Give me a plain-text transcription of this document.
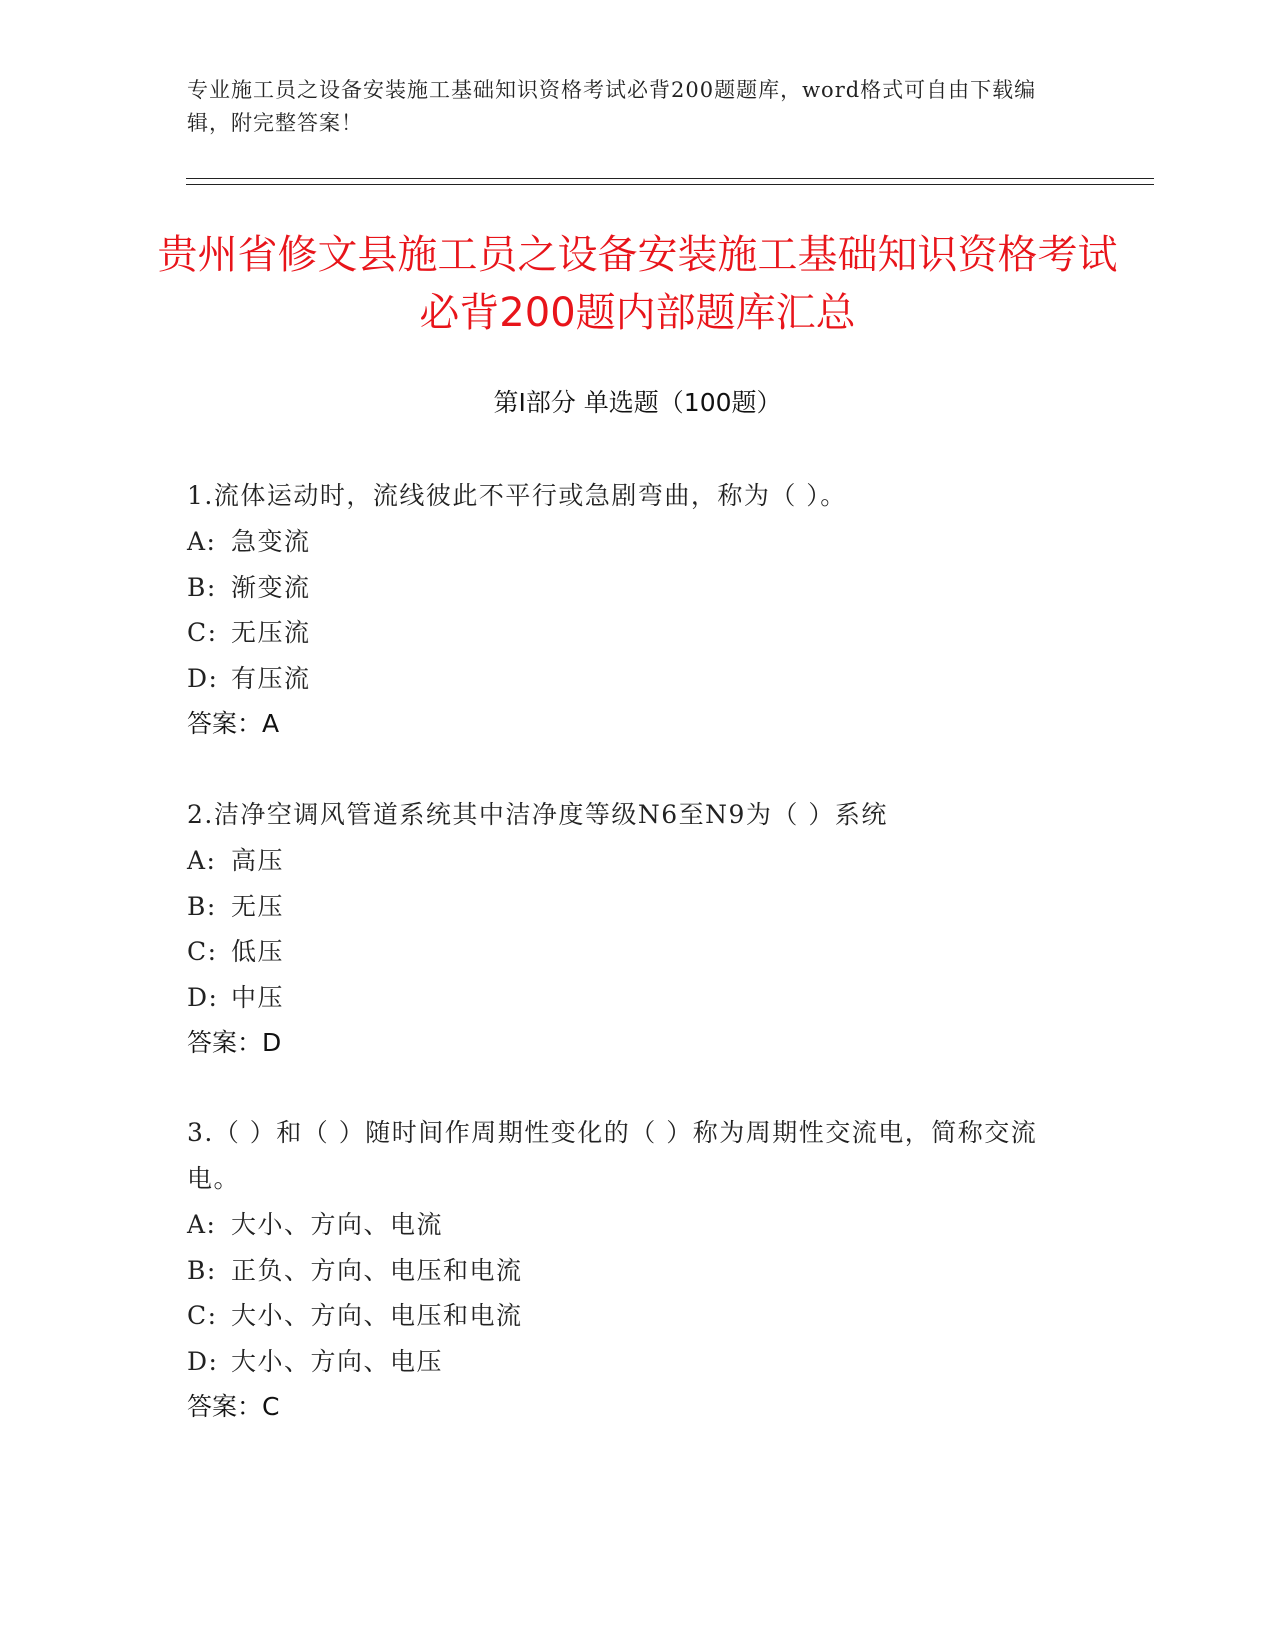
专业施工员之设备安装施工基础知识资格考试必背200题题库，word格式可自由下载编辑，附完整答案！
贵州省修文县施工员之设备安装施工基础知识资格考试必背200题内部题库汇总
第Ⅰ部分 单选题（100题）
1.流体运动时，流线彼此不平行或急剧弯曲，称为（ ）。
A: 急变流
B: 渐变流
C: 无压流
D: 有压流
答案：A
2.洁净空调风管道系统其中洁净度等级N6至N9为（ ）系统
A: 高压
B: 无压
C: 低压
D: 中压
答案：D
3.（ ）和（ ）随时间作周期性变化的（ ）称为周期性交流电，简称交流电。
A: 大小、方向、电流
B: 正负、方向、电压和电流
C: 大小、方向、电压和电流
D: 大小、方向、电压
答案：C
